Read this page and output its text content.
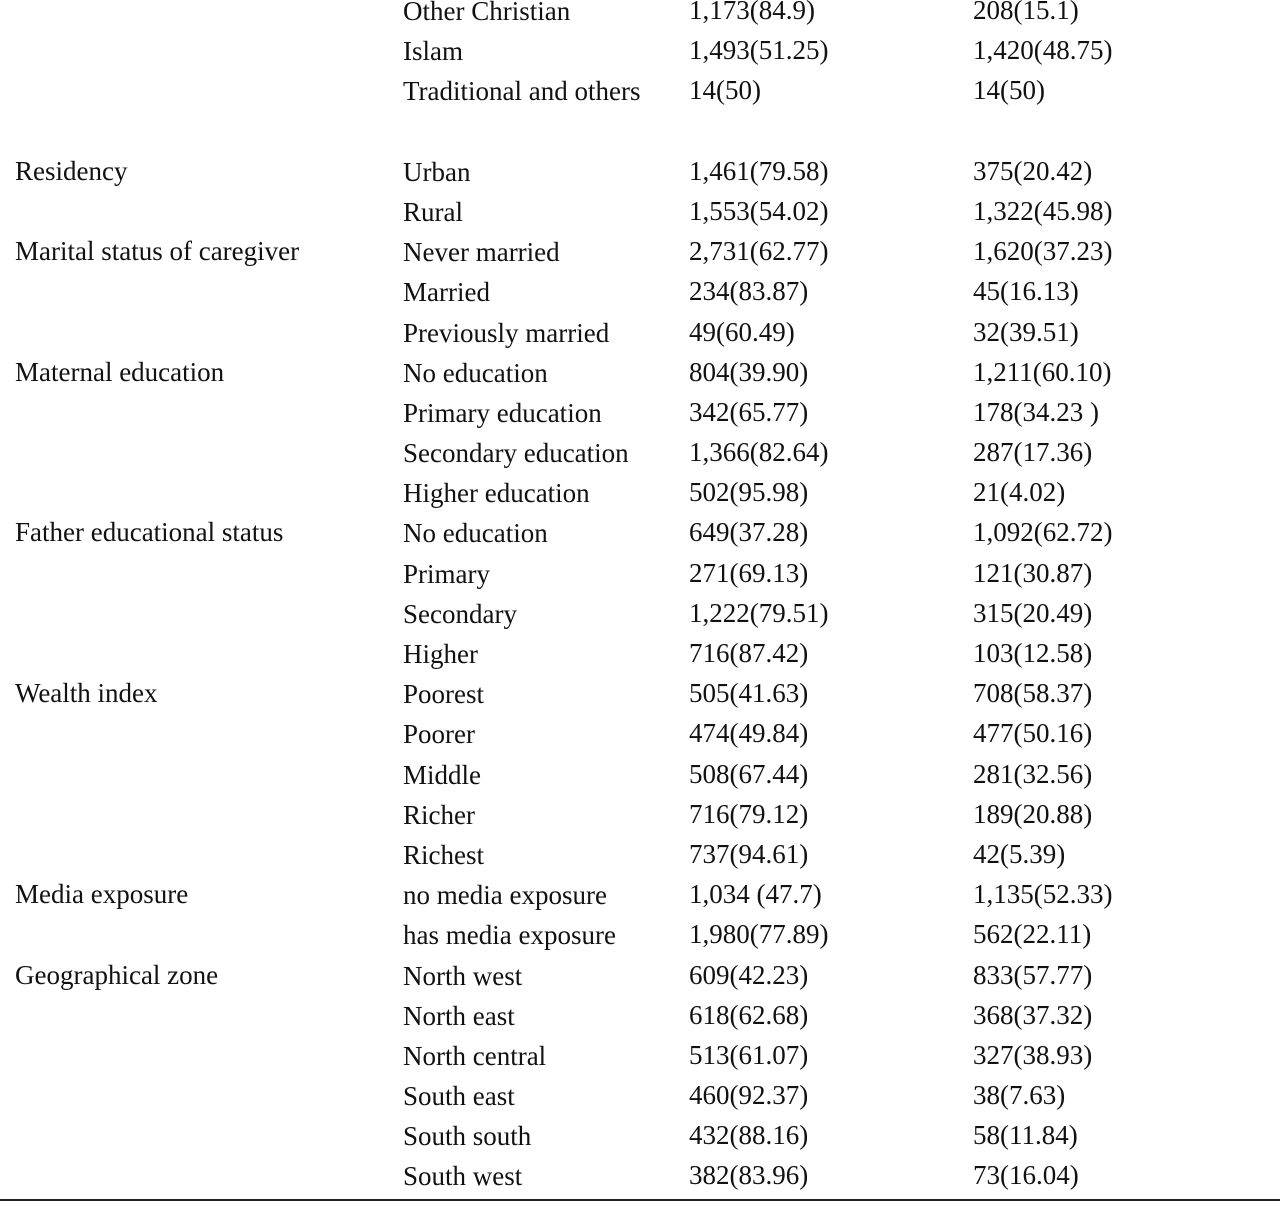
Other Christian	1,173(84.9)	208(15.1)
Islam	1,493(51.25)	1,420(48.75)
Traditional and others	14(50)	14(50)
Residency	Urban	1,461(79.58)	375(20.42)
Rural	1,553(54.02)	1,322(45.98)
Marital status of caregiver	Never married	2,731(62.77)	1,620(37.23)
Married	234(83.87)	45(16.13)
Previously married	49(60.49)	32(39.51)
Maternal education	No education	804(39.90)	1,211(60.10)
Primary education	342(65.77)	178(34.23 )
Secondary education	1,366(82.64)	287(17.36)
Higher education	502(95.98)	21(4.02)
Father educational status	No education	649(37.28)	1,092(62.72)
Primary	271(69.13)	121(30.87)
Secondary	1,222(79.51)	315(20.49)
Higher	716(87.42)	103(12.58)
Wealth index	Poorest	505(41.63)	708(58.37)
Poorer	474(49.84)	477(50.16)
Middle	508(67.44)	281(32.56)
Richer	716(79.12)	189(20.88)
Richest	737(94.61)	42(5.39)
Media exposure	no media exposure	1,034 (47.7)	1,135(52.33)
has media exposure	1,980(77.89)	562(22.11)
Geographical zone	North west	609(42.23)	833(57.77)
North east	618(62.68)	368(37.32)
North central	513(61.07)	327(38.93)
South east	460(92.37)	38(7.63)
South south	432(88.16)	58(11.84)
South west	382(83.96)	73(16.04)
